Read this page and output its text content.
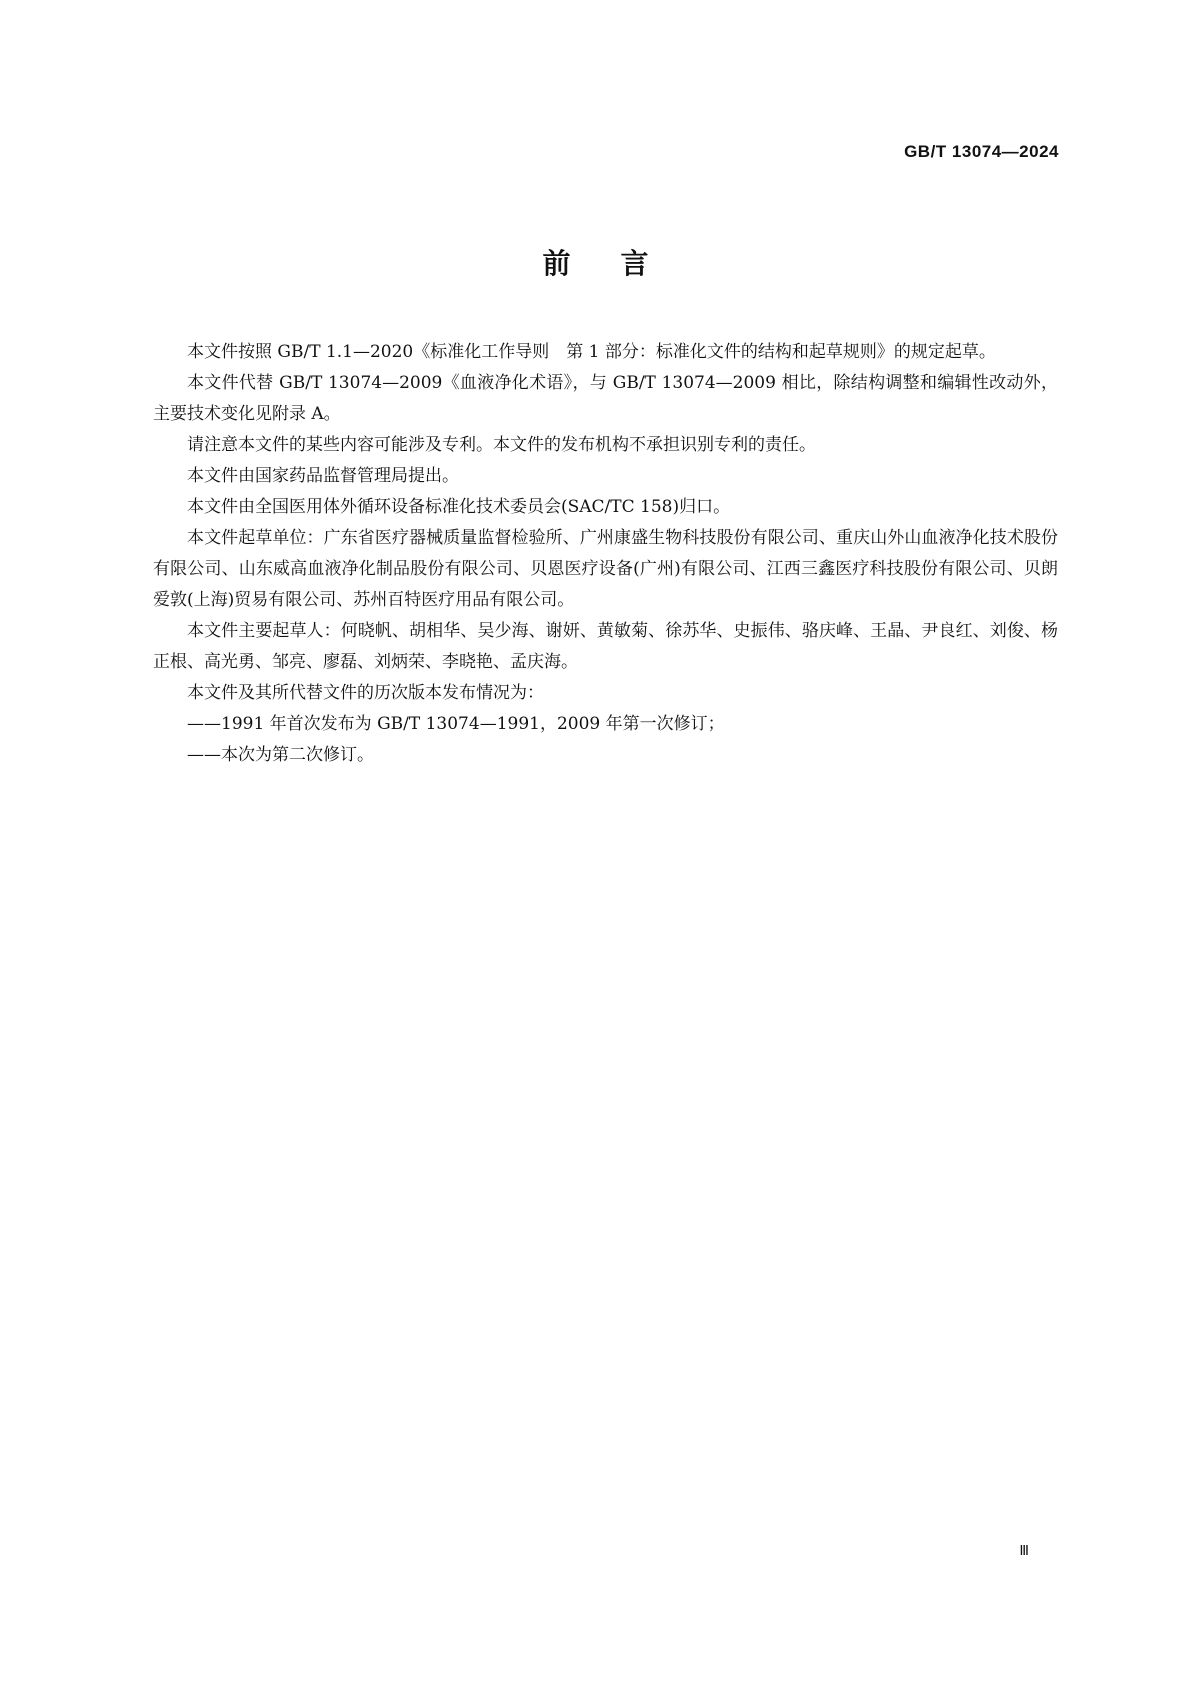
GB/T 13074—2024
前言

本文件按照 GB/T 1.1—2020《标准化工作导则　第 1 部分：标准化文件的结构和起草规则》的规定起草。

本文件代替 GB/T 13074—2009《血液净化术语》，与 GB/T 13074—2009 相比，除结构调整和编辑性改动外，主要技术变化见附录 A。

请注意本文件的某些内容可能涉及专利。本文件的发布机构不承担识别专利的责任。

本文件由国家药品监督管理局提出。

本文件由全国医用体外循环设备标准化技术委员会(SAC/TC 158)归口。

本文件起草单位：广东省医疗器械质量监督检验所、广州康盛生物科技股份有限公司、重庆山外山血液净化技术股份有限公司、山东威高血液净化制品股份有限公司、贝恩医疗设备(广州)有限公司、江西三鑫医疗科技股份有限公司、贝朗爱敦(上海)贸易有限公司、苏州百特医疗用品有限公司。

本文件主要起草人：何晓帆、胡相华、吴少海、谢妍、黄敏菊、徐苏华、史振伟、骆庆峰、王晶、尹良红、刘俊、杨正根、高光勇、邹亮、廖磊、刘炳荣、李晓艳、孟庆海。

本文件及其所代替文件的历次版本发布情况为：

——1991 年首次发布为 GB/T 13074—1991，2009 年第一次修订；

——本次为第二次修订。

Ⅲ
